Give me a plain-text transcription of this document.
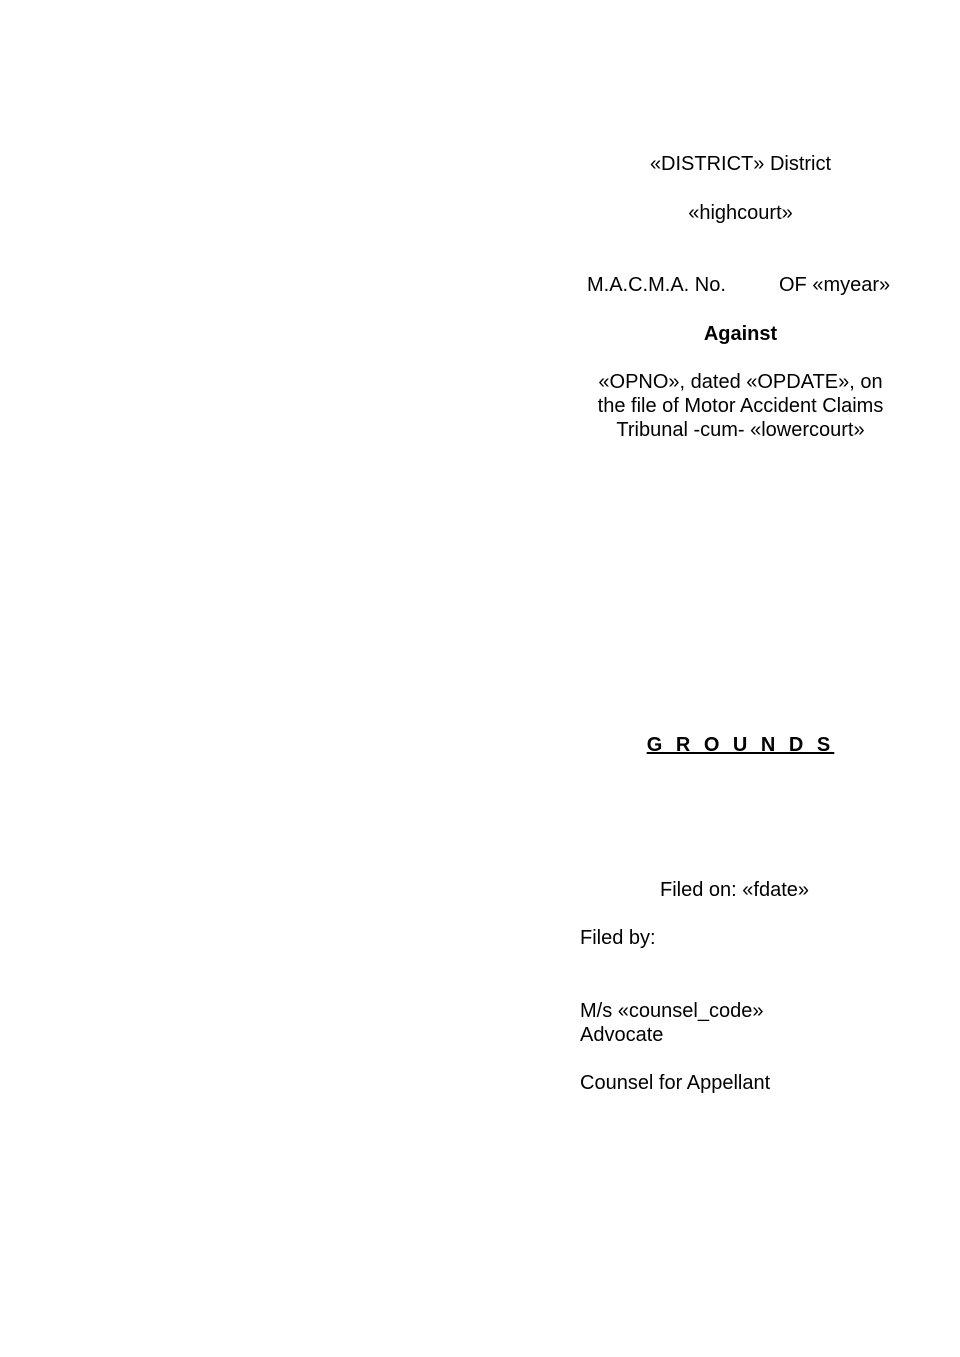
«DISTRICT» District
«highcourt»
M.A.C.M.A. No.	OF «myear»
Against
«OPNO», dated «OPDATE», on
the file of Motor Accident Claims
Tribunal -cum- «lowercourt»
G R O U N D S
Filed on: «fdate»
Filed by:
M/s «counsel_code»
Advocate
Counsel for Appellant
